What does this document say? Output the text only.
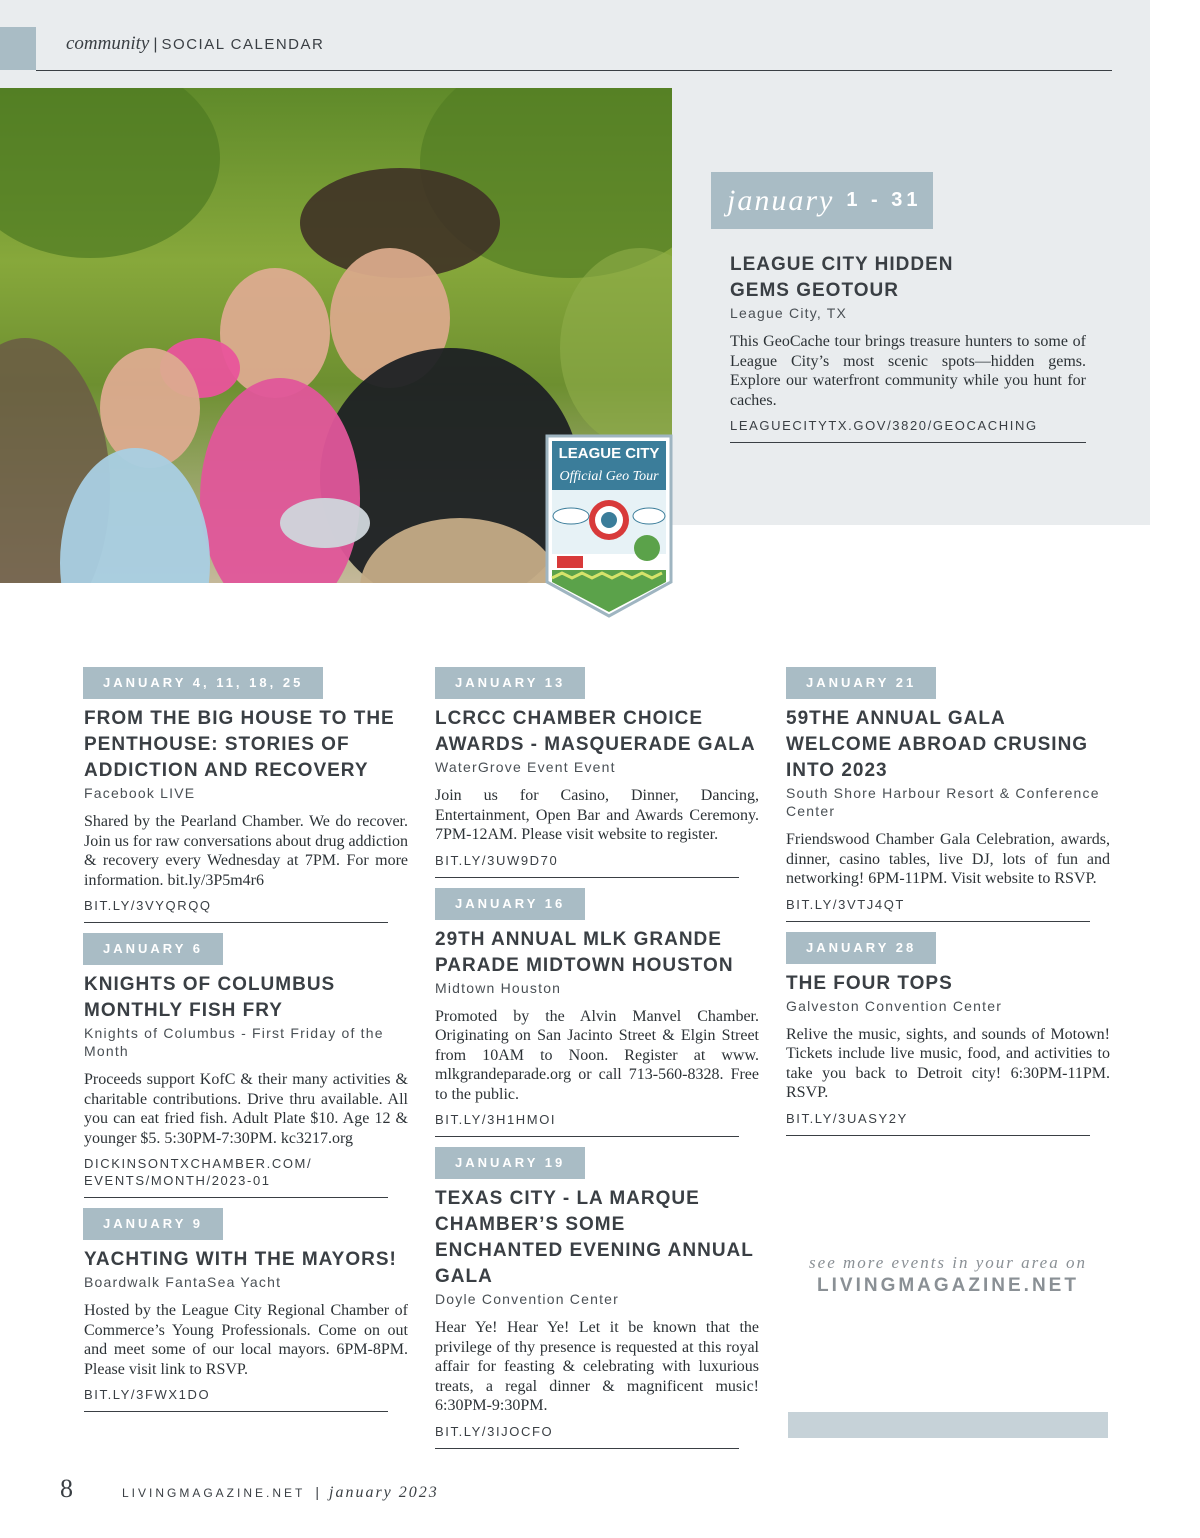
community | SOCIAL CALENDAR
LEAGUE CITY
Official Geo Tour
january 1 - 31
LEAGUE CITY HIDDEN
GEMS GEOTOUR
League City, TX
This GeoCache tour brings treasure hunters to some of League City’s most scenic spots—hidden gems. Explore our waterfront community while you hunt for caches.
LEAGUECITYTX.GOV/3820/GEOCACHING
JANUARY 4, 11, 18, 25
FROM THE BIG HOUSE TO THE PENTHOUSE: STORIES OF ADDICTION AND RECOVERY
Facebook LIVE
Shared by the Pearland Chamber. We do recover. Join us for raw conversations about drug addiction & recovery every Wednesday at 7PM. For more information. bit.ly/3P5m4r6
BIT.LY/3VYQRQQ
JANUARY 6
KNIGHTS OF COLUMBUS MONTHLY FISH FRY
Knights of Columbus - First Friday of the Month
Proceeds support KofC & their many activities & charitable contributions. Drive thru available. All you can eat fried fish. Adult Plate $10. Age 12 & younger $5. 5:30PM-7:30PM. kc3217.org
DICKINSONTXCHAMBER.COM/ EVENTS/MONTH/2023-01
JANUARY 9
YACHTING WITH THE MAYORS!
Boardwalk FantaSea Yacht
Hosted by the League City Regional Chamber of Commerce’s Young Professionals. Come on out and meet some of our local mayors. 6PM-8PM. Please visit link to RSVP.
BIT.LY/3FWX1DO
JANUARY 13
LCRCC CHAMBER CHOICE AWARDS - MASQUERADE GALA
WaterGrove Event Event
Join us for Casino, Dinner, Dancing, Entertainment, Open Bar and Awards Ceremony. 7PM-12AM. Please visit website to register.
BIT.LY/3UW9D70
JANUARY 16
29TH ANNUAL MLK GRANDE PARADE MIDTOWN HOUSTON
Midtown Houston
Promoted by the Alvin Manvel Chamber. Originating on San Jacinto Street & Elgin Street from 10AM to Noon. Register at www. mlkgrandeparade.org or call 713-560-8328. Free to the public.
BIT.LY/3H1HMOI
JANUARY 19
TEXAS CITY - LA MARQUE CHAMBER’S SOME ENCHANTED EVENING ANNUAL GALA
Doyle Convention Center
Hear Ye! Hear Ye! Let it be known that the privilege of thy presence is requested at this royal affair for feasting & celebrating with luxurious treats, a regal dinner & magnificent music! 6:30PM-9:30PM.
BIT.LY/3IJOCFO
JANUARY 21
59THE ANNUAL GALA WELCOME ABROAD CRUSING INTO 2023
South Shore Harbour Resort & Conference Center
Friendswood Chamber Gala Celebration, awards, dinner, casino tables, live DJ, lots of fun and networking! 6PM-11PM. Visit website to RSVP.
BIT.LY/3VTJ4QT
JANUARY 28
THE FOUR TOPS
Galveston Convention Center
Relive the music, sights, and sounds of Motown! Tickets include live music, food, and activities to take you back to Detroit city! 6:30PM-11PM. RSVP.
BIT.LY/3UASY2Y
see more events in your area on
LIVINGMAGAZINE.NET
8	LIVINGMAGAZINE.NET | january 2023
